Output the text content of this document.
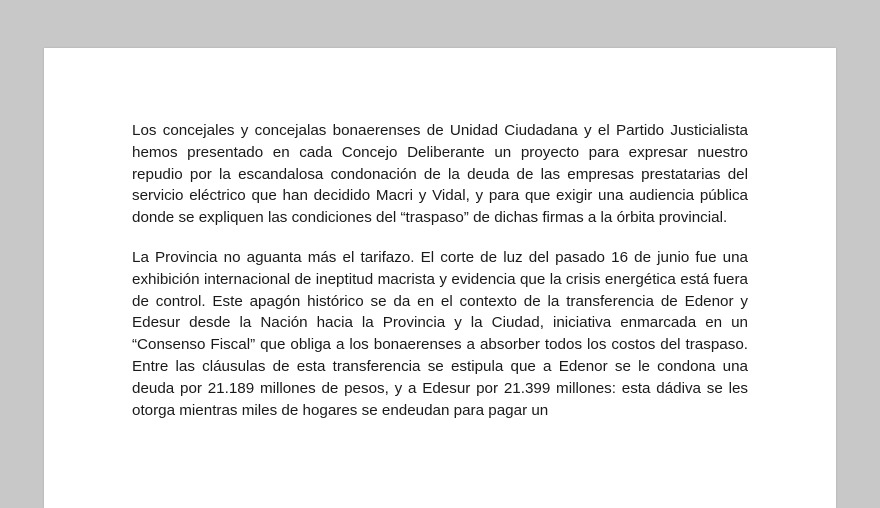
Los concejales y concejalas bonaerenses de Unidad Ciudadana y el Partido Justicialista hemos presentado en cada Concejo Deliberante un proyecto para expresar nuestro repudio por la escandalosa condonación de la deuda de las empresas prestatarias del servicio eléctrico que han decidido Macri y Vidal, y para que exigir una audiencia pública donde se expliquen las condiciones del “traspaso” de dichas firmas a la órbita provincial.

La Provincia no aguanta más el tarifazo. El corte de luz del pasado 16 de junio fue una exhibición internacional de ineptitud macrista y evidencia que la crisis energética está fuera de control. Este apagón histórico se da en el contexto de la transferencia de Edenor y Edesur desde la Nación hacia la Provincia y la Ciudad, iniciativa enmarcada en un “Consenso Fiscal” que obliga a los bonaerenses a absorber todos los costos del traspaso. Entre las cláusulas de esta transferencia se estipula que a Edenor se le condona una deuda por 21.189 millones de pesos, y a Edesur por 21.399 millones: esta dádiva se les otorga mientras miles de hogares se endeudan para pagar un
